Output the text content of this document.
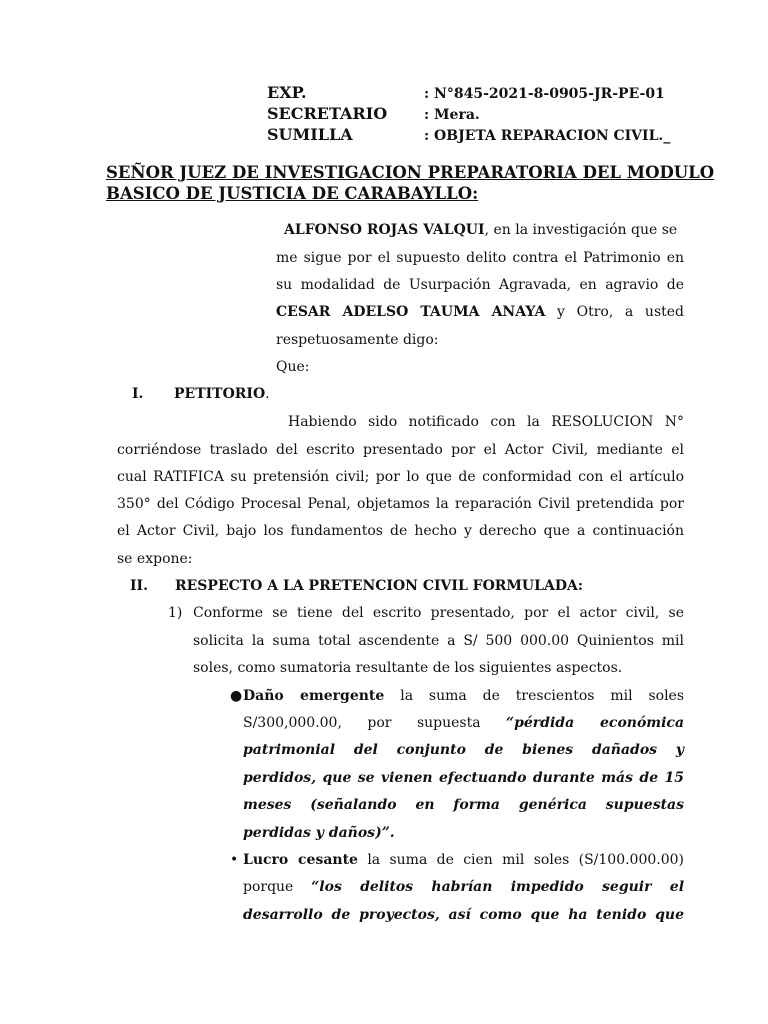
EXP.	: N°845-2021-8-0905-JR-PE-01
SECRETARIO	: Mera.
SUMILLA	: OBJETA REPARACION CIVIL._
SEÑOR JUEZ DE INVESTIGACION PREPARATORIA DEL MODULO
BASICO DE JUSTICIA DE CARABAYLLO:
ALFONSO ROJAS VALQUI, en la investigación que se
me sigue por el supuesto delito contra el Patrimonio en
su modalidad de Usurpación Agravada, en agravio de
CESAR ADELSO TAUMA ANAYA y Otro, a usted
respetuosamente digo:
Que:
I. PETITORIO.
Habiendo sido notificado con la RESOLUCION N°
corriéndose traslado del escrito presentado por el Actor Civil, mediante el
cual RATIFICA su pretensión civil; por lo que de conformidad con el artículo
350° del Código Procesal Penal, objetamos la reparación Civil pretendida por
el Actor Civil, bajo los fundamentos de hecho y derecho que a continuación
se expone:
II. RESPECTO A LA PRETENCION CIVIL FORMULADA:
1) Conforme se tiene del escrito presentado, por el actor civil, se
solicita la suma total ascendente a S/ 500 000.00 Quinientos mil
soles, como sumatoria resultante de los siguientes aspectos.
● Daño emergente la suma de trescientos mil soles
S/300,000.00, por supuesta “pérdida económica
patrimonial del conjunto de bienes dañados y
perdidos, que se vienen efectuando durante más de 15
meses (señalando en forma genérica supuestas
perdidas y daños)”.
• Lucro cesante la suma de cien mil soles (S/100.000.00)
porque “los delitos habrían impedido seguir el
desarrollo de proyectos, así como que ha tenido que
